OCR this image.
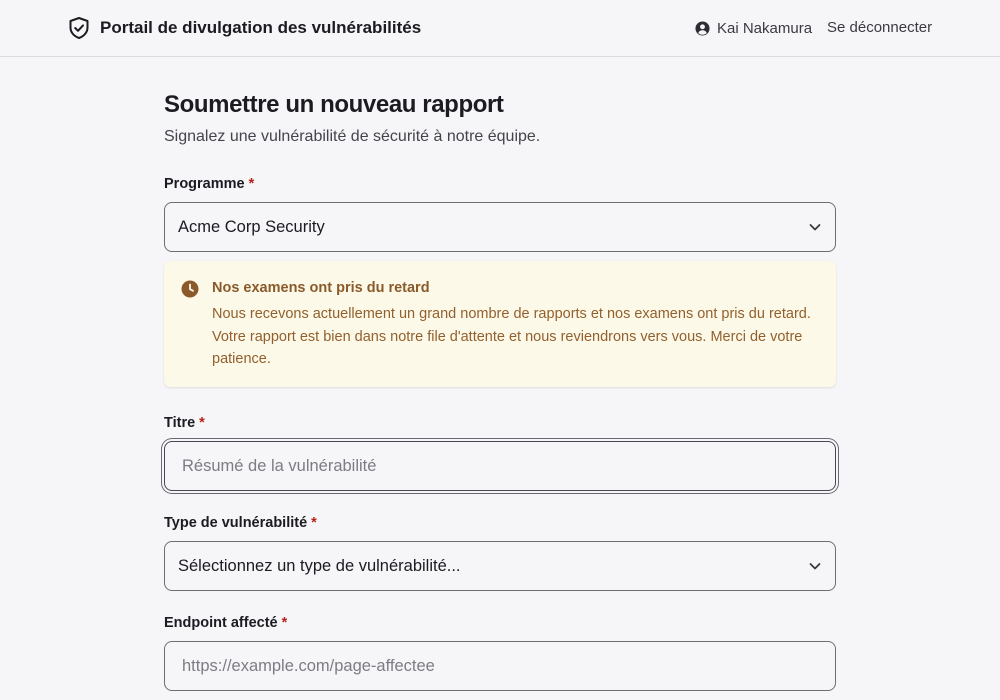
Portail de divulgation des vulnérabilités	Kai Nakamura Se déconnecter
Soumettre un nouveau rapport

Signalez une vulnérabilité de sécurité à notre équipe.

Programme *
Acme Corp Security
Nos examens ont pris du retard
Nous recevons actuellement un grand nombre de rapports et nos examens ont pris du retard. Votre rapport est bien dans notre file d'attente et nous reviendrons vers vous. Merci de votre patience.
Titre *
Résumé de la vulnérabilité
Type de vulnérabilité *
Sélectionnez un type de vulnérabilité...
Endpoint affecté *
https://example.com/page-affectee
